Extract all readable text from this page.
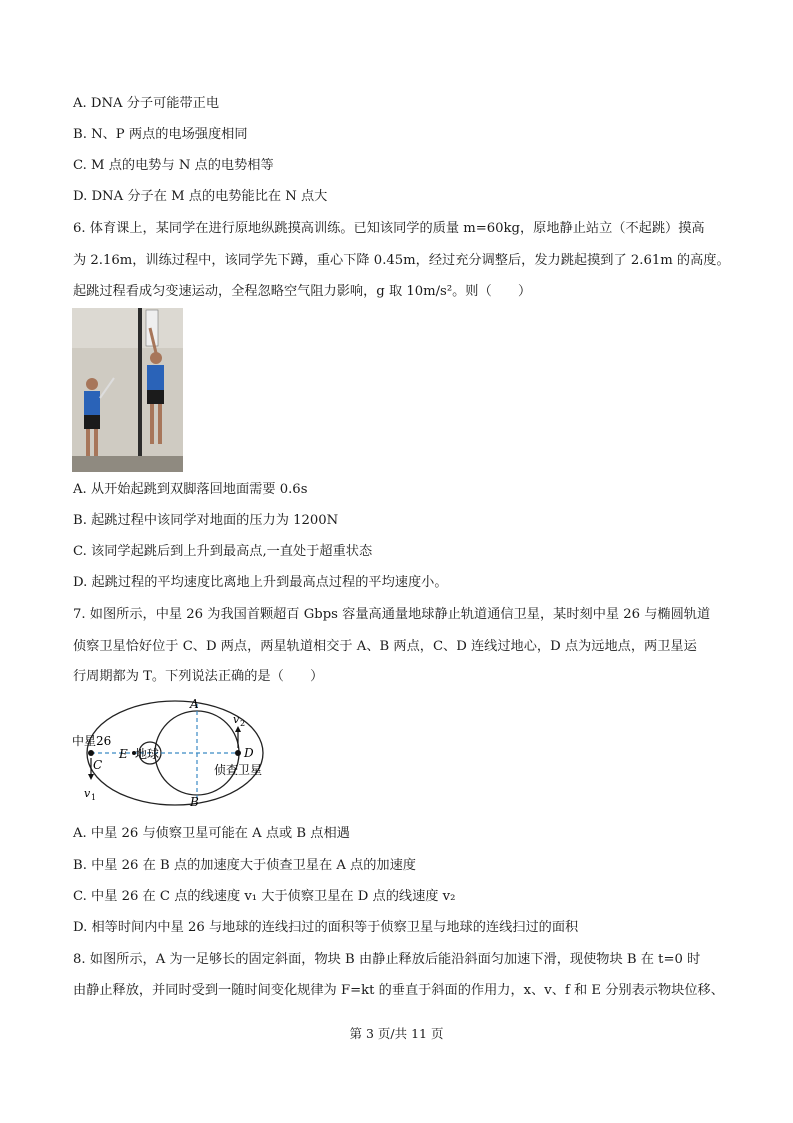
A. DNA 分子可能带正电
B. N、P 两点的电场强度相同
C. M 点的电势与 N 点的电势相等
D. DNA 分子在 M 点的电势能比在 N 点大
6. 体育课上，某同学在进行原地纵跳摸高训练。已知该同学的质量 m=60kg，原地静止站立（不起跳）摸高
为 2.16m，训练过程中，该同学先下蹲，重心下降 0.45m，经过充分调整后，发力跳起摸到了 2.61m 的高度。
起跳过程看成匀变速运动，全程忽略空气阻力影响，g 取 10m/s²。则（　　）
A. 从开始起跳到双脚落回地面需要 0.6s
B. 起跳过程中该同学对地面的压力为 1200N
C. 该同学起跳后到上升到最高点,一直处于超重状态
D. 起跳过程的平均速度比离地上升到最高点过程的平均速度小。
7. 如图所示，中星 26 为我国首颗超百 Gbps 容量高通量地球静止轨道通信卫星，某时刻中星 26 与椭圆轨道
侦察卫星恰好位于 C、D 两点，两星轨道相交于 A、B 两点，C、D 连线过地心，D 点为远地点，两卫星运
行周期都为 T。下列说法正确的是（　　）
A
B
C
D
E 地球
中星26
侦查卫星
v 1
v 2
A. 中星 26 与侦察卫星可能在 A 点或 B 点相遇
B. 中星 26 在 B 点的加速度大于侦查卫星在 A 点的加速度
C. 中星 26 在 C 点的线速度 v₁ 大于侦察卫星在 D 点的线速度 v₂
D. 相等时间内中星 26 与地球的连线扫过的面积等于侦察卫星与地球的连线扫过的面积
8. 如图所示，A 为一足够长的固定斜面，物块 B 由静止释放后能沿斜面匀加速下滑，现使物块 B 在 t=0 时
由静止释放，并同时受到一随时间变化规律为 F=kt 的垂直于斜面的作用力，x、v、f 和 E 分别表示物块位移、
第 3 页/共 11 页
